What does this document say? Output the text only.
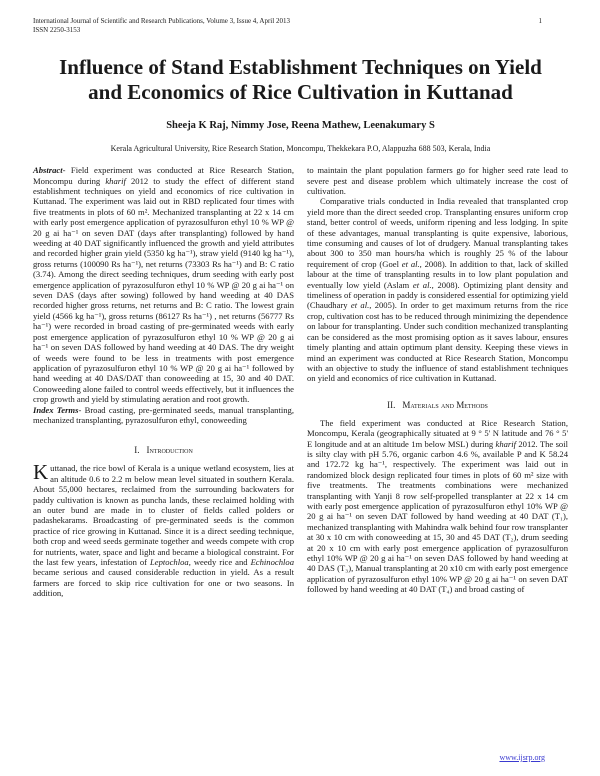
International Journal of Scientific and Research Publications, Volume 3, Issue 4, April 2013
ISSN 2250-3153
1
Influence of Stand Establishment Techniques on Yield
and Economics of Rice Cultivation in Kuttanad
Sheeja K Raj, Nimmy Jose, Reena Mathew, Leenakumary S
Kerala Agricultural University, Rice Research Station, Moncompu, Thekkekara P.O, Alappuzha 688 503, Kerala, India

Abstract- Field experiment was conducted at Rice Research Station, Moncompu during kharif 2012 to study the effect of different stand establishment techniques on yield and economics of rice cultivation in Kuttanad. The experiment was laid out in RBD replicated four times with five treatments in plots of 60 m². Mechanized transplanting at 22 x 14 cm with early post emergence application of pyrazosulfuron ethyl 10 % WP @ 20 g ai ha⁻¹ on seven DAT (days after transplanting) followed by hand weeding at 40 DAT significantly influenced the growth and yield attributes and recorded higher grain yield (5350 kg ha⁻¹), straw yield (9140 kg ha⁻¹), gross returns (100090 Rs ha⁻¹), net returns (73303 Rs ha⁻¹) and B: C ratio (3.74). Among the direct seeding techniques, drum seeding with early post emergence application of pyrazosulfuron ethyl 10 % WP @ 20 g ai ha⁻¹ on seven DAS (days after sowing) followed by hand weeding at 40 DAS recorded higher gross returns, net returns and B: C ratio. The lowest grain yield (4566 kg ha⁻¹), gross returns (86127 Rs ha⁻¹) , net returns (56777 Rs ha⁻¹) were recorded in broad casting of pre-germinated weeds with early post emergence application of pyrazosulfuron ethyl 10 % WP @ 20 g ai ha⁻¹ on seven DAS followed by hand weeding at 40 DAS. The dry weight of weeds were found to be less in treatments with post emergence application of pyrazosulfuron ethyl 10 % WP @ 20 g ai ha⁻¹ followed by hand weeding at 40 DAS/DAT than conoweeding at 15, 30 and 40 DAT. Conoweeding alone failed to control weeds effectively, but it influences the crop growth and yield by stimulating aeration and root growth.

Index Terms- Broad casting, pre-germinated seeds, manual transplanting, mechanized transplanting, pyrazosulfuron ethyl, conoweeding

I. Introduction

Kuttanad, the rice bowl of Kerala is a unique wetland ecosystem, lies at an altitude 0.6 to 2.2 m below mean level situated in southern Kerala. About 55,000 hectares, reclaimed from the surrounding backwaters for paddy cultivation is known as puncha lands, these reclaimed holding with an outer bund are made in to cluster of fields called polders or padashekarams. Broadcasting of pre-germinated seeds is the common practice of rice growing in Kuttanad. Since it is a direct seeding technique, both crop and weed seeds germinate together and weeds compete with crop for nutrients, water, space and light and became a biological constraint. For the last few years, infestation of Leptochloa, weedy rice and Echinochloa became serious and caused considerable reduction in yield. As a result farmers are forced to skip rice cultivation for one or two seasons. In addition,

to maintain the plant population farmers go for higher seed rate lead to severe pest and disease problem which ultimately increase the cost of cultivation.

Comparative trials conducted in India revealed that transplanted crop yield more than the direct seeded crop. Transplanting ensures uniform crop stand, better control of weeds, uniform ripening and less lodging. In spite of these advantages, manual transplanting is quite expensive, laborious, time consuming and causes of lot of drudgery. Manual transplanting takes about 300 to 350 man hours/ha which is roughly 25 % of the labour requirement of crop (Goel et al., 2008). In addition to that, lack of skilled labour at the time of transplanting results in to low plant population and eventually low yield (Aslam et al., 2008). Optimizing plant density and timeliness of operation in paddy is considered essential for optimizing yield (Chaudhary et al., 2005). In order to get maximum returns from the rice crop, cultivation cost has to be reduced through minimizing the dependence on labour for transplanting. Under such condition mechanized transplanting can be considered as the most promising option as it saves labour, ensures timely planting and attain optimum plant density. Keeping these views in mind an experiment was conducted at Rice Research Station, Moncompu with an objective to study the influence of stand establishment techniques on yield and economics of rice cultivation in Kuttanad.

II. Materials and Methods

The field experiment was conducted at Rice Research Station, Moncompu, Kerala (geographically situated at 9 ° 5' N latitude and 76 ° 5' E longitude and at an altitude 1m below MSL) during kharif 2012. The soil is silty clay with pH 5.76, organic carbon 4.6 %, available P and K 58.24 and 172.72 kg ha⁻¹, respectively. The experiment was laid out in randomized block design replicated four times in plots of 60 m² size with five treatments. The treatments combinations were mechanized transplanting with Yanji 8 row self-propelled transplanter at 22 x 14 cm with early post emergence application of pyrazosulfuron ethyl 10% WP @ 20 g ai ha⁻¹ on seven DAT followed by hand weeding at 40 DAT (T₁), mechanized transplanting with Mahindra walk behind four row transplanter at 30 x 10 cm with conoweeding at 15, 30 and 45 DAT (T₂), drum seeding at 20 x 10 cm with early post emergence application of pyrazosulfuron ethyl 10% WP @ 20 g ai ha⁻¹ on seven DAS followed by hand weeding at 40 DAS (T₃), Manual transplanting at 20 x10 cm with early post emergence application of pyrazosulfuron ethyl 10% WP @ 20 g ai ha⁻¹ on seven DAT followed by hand weeding at 40 DAT (T₄) and broad casting of

www.ijsrp.org
